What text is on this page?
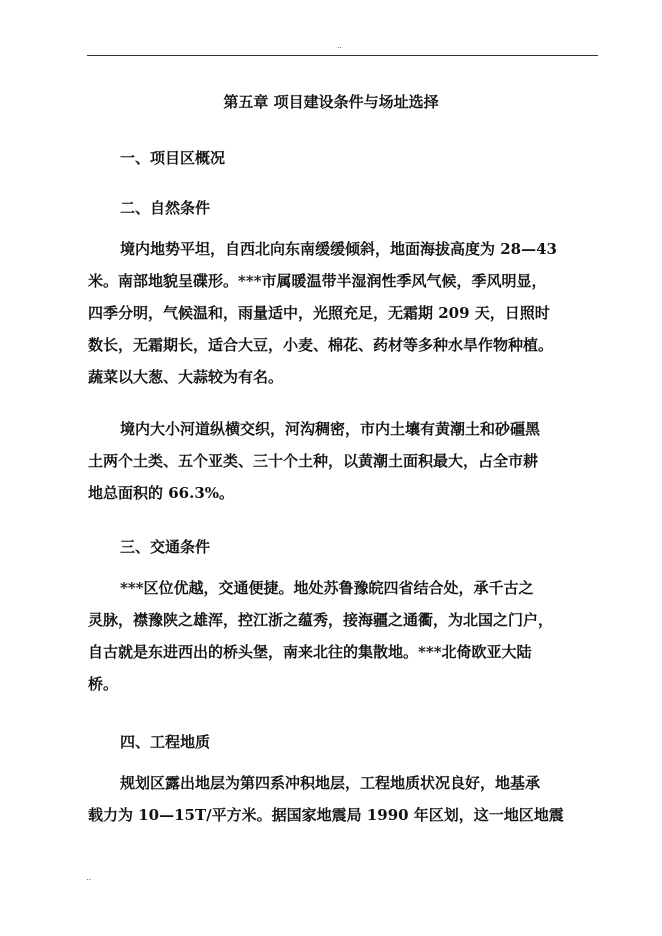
..
第五章 项目建设条件与场址选择
一、项目区概况
二、自然条件
境内地势平坦，自西北向东南缓缓倾斜，地面海拔高度为 28—43
米。南部地貌呈碟形。***市属暖温带半湿润性季风气候，季风明显，
四季分明，气候温和，雨量适中，光照充足，无霜期 209 天，日照时
数长，无霜期长，适合大豆，小麦、棉花、药材等多种水旱作物种植。
蔬菜以大葱、大蒜较为有名。
境内大小河道纵横交织，河沟稠密，市内土壤有黄潮土和砂礓黑
土两个土类、五个亚类、三十个土种，以黄潮土面积最大，占全市耕
地总面积的 66.3%。
三、交通条件
***区位优越，交通便捷。地处苏鲁豫皖四省结合处，承千古之
灵脉，襟豫陕之雄浑，控江浙之蕴秀，接海疆之通衢，为北国之门户，
自古就是东进西出的桥头堡，南来北往的集散地。***北倚欧亚大陆
桥。
四、工程地质
规划区露出地层为第四系冲积地层，工程地质状况良好，地基承
载力为 10—15T/平方米。据国家地震局 1990 年区划，这一地区地震
..
